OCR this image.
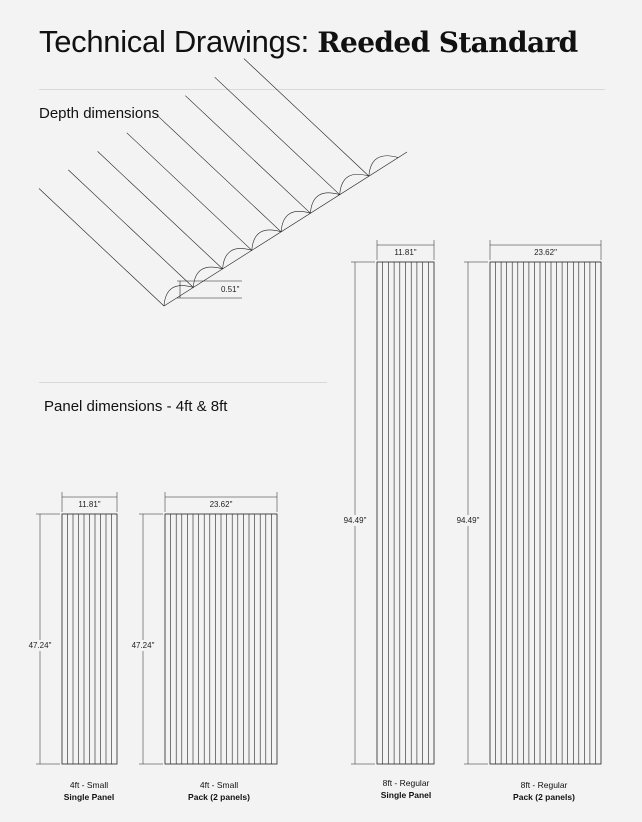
Technical Drawings: Reeded Standard
Depth dimensions
Panel dimensions - 4ft & 8ft
0.51"
11.81"
47.24"
23.62"
47.24"
11.81"
94.49"
23.62"
94.49"
4ft - Small
Single Panel
4ft - Small
Pack (2 panels)
8ft - Regular
Single Panel
8ft - Regular
Pack (2 panels)
